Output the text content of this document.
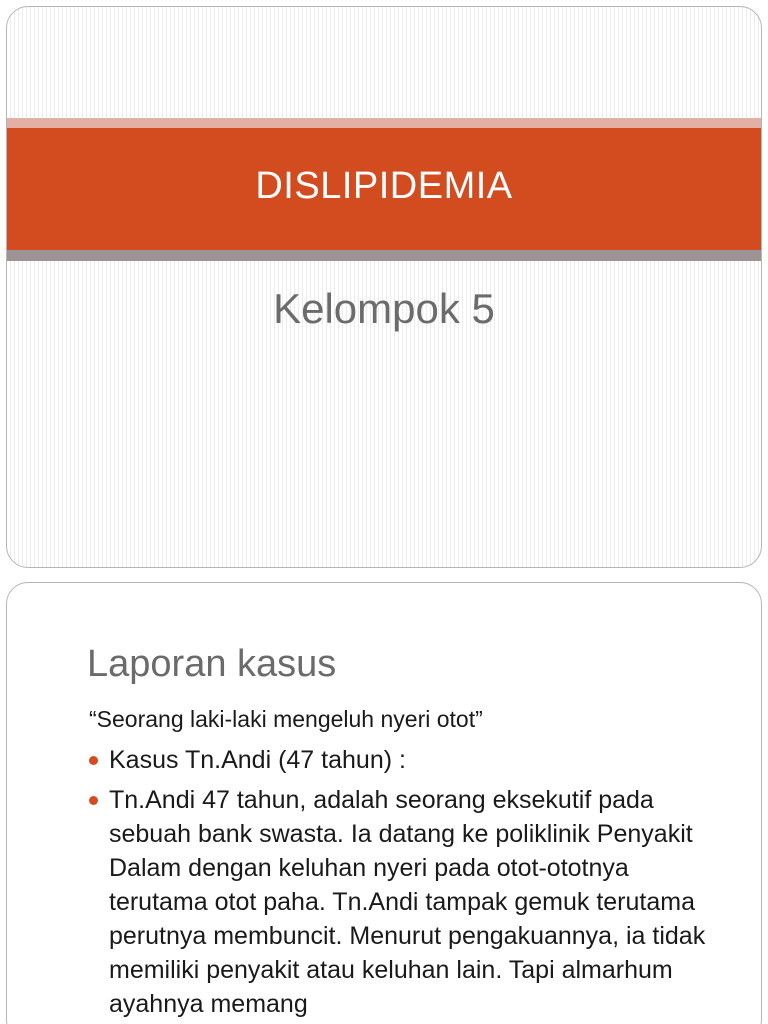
DISLIPIDEMIA
Kelompok 5
Laporan kasus
“Seorang laki-laki mengeluh nyeri otot”
Kasus Tn.Andi (47 tahun) :
Tn.Andi 47 tahun, adalah seorang eksekutif pada sebuah bank swasta. Ia datang ke poliklinik Penyakit Dalam dengan keluhan nyeri pada otot-ototnya terutama otot paha. Tn.Andi tampak gemuk terutama perutnya membuncit. Menurut pengakuannya, ia tidak memiliki penyakit atau keluhan lain. Tapi almarhum ayahnya memang
